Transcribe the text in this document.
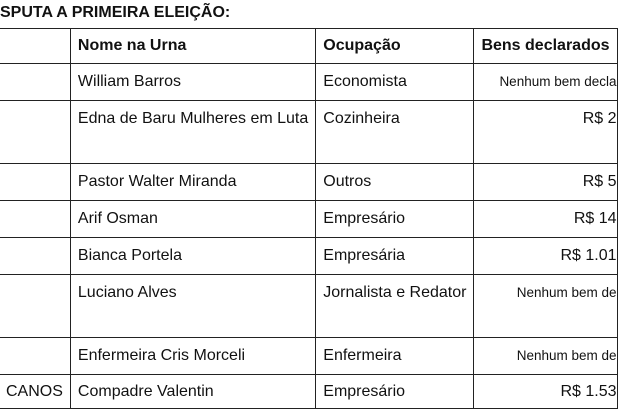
SPUTA A PRIMEIRA ELEIÇÃO:
	Nome na Urna	Ocupação	Bens declarados
	William Barros	Economista	Nenhum bem decla
	Edna de Baru Mulheres em Luta	Cozinheira	R$ 2
	Pastor Walter Miranda	Outros	R$ 5
	Arif Osman	Empresário	R$ 14
	Bianca Portela	Empresária	R$ 1.01
	Luciano Alves	Jornalista e Redator	Nenhum bem de
	Enfermeira Cris Morceli	Enfermeira	Nenhum bem de
CANOS	Compadre Valentin	Empresário	R$ 1.53
